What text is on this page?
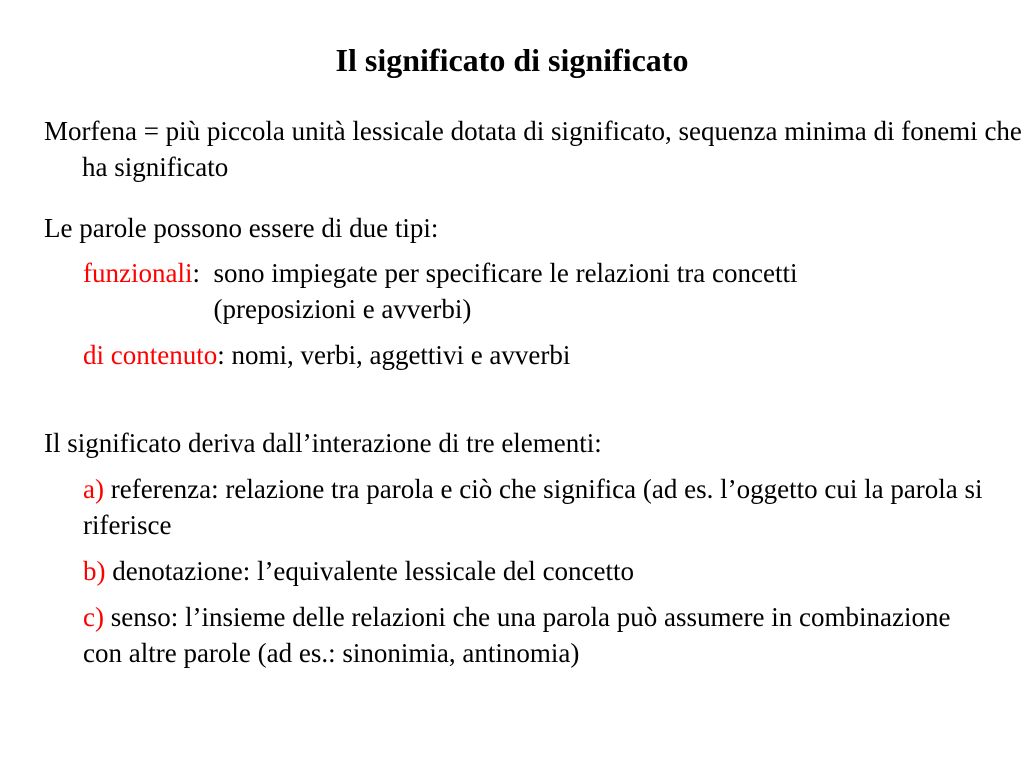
Il significato di significato
Morfena = più piccola unità lessicale dotata di significato, sequenza minima di fonemi che ha significato
Le parole possono essere di due tipi:
funzionali: sono impiegate per specificare le relazioni tra concetti (preposizioni e avverbi)
di contenuto: nomi, verbi, aggettivi e avverbi
Il significato deriva dall’interazione di tre elementi:
a) referenza: relazione tra parola e ciò che significa (ad es. l’oggetto cui la parola si riferisce
b) denotazione: l’equivalente lessicale del concetto
c) senso: l’insieme delle relazioni che una parola può assumere in combinazione con altre parole (ad es.: sinonimia, antinomia)
